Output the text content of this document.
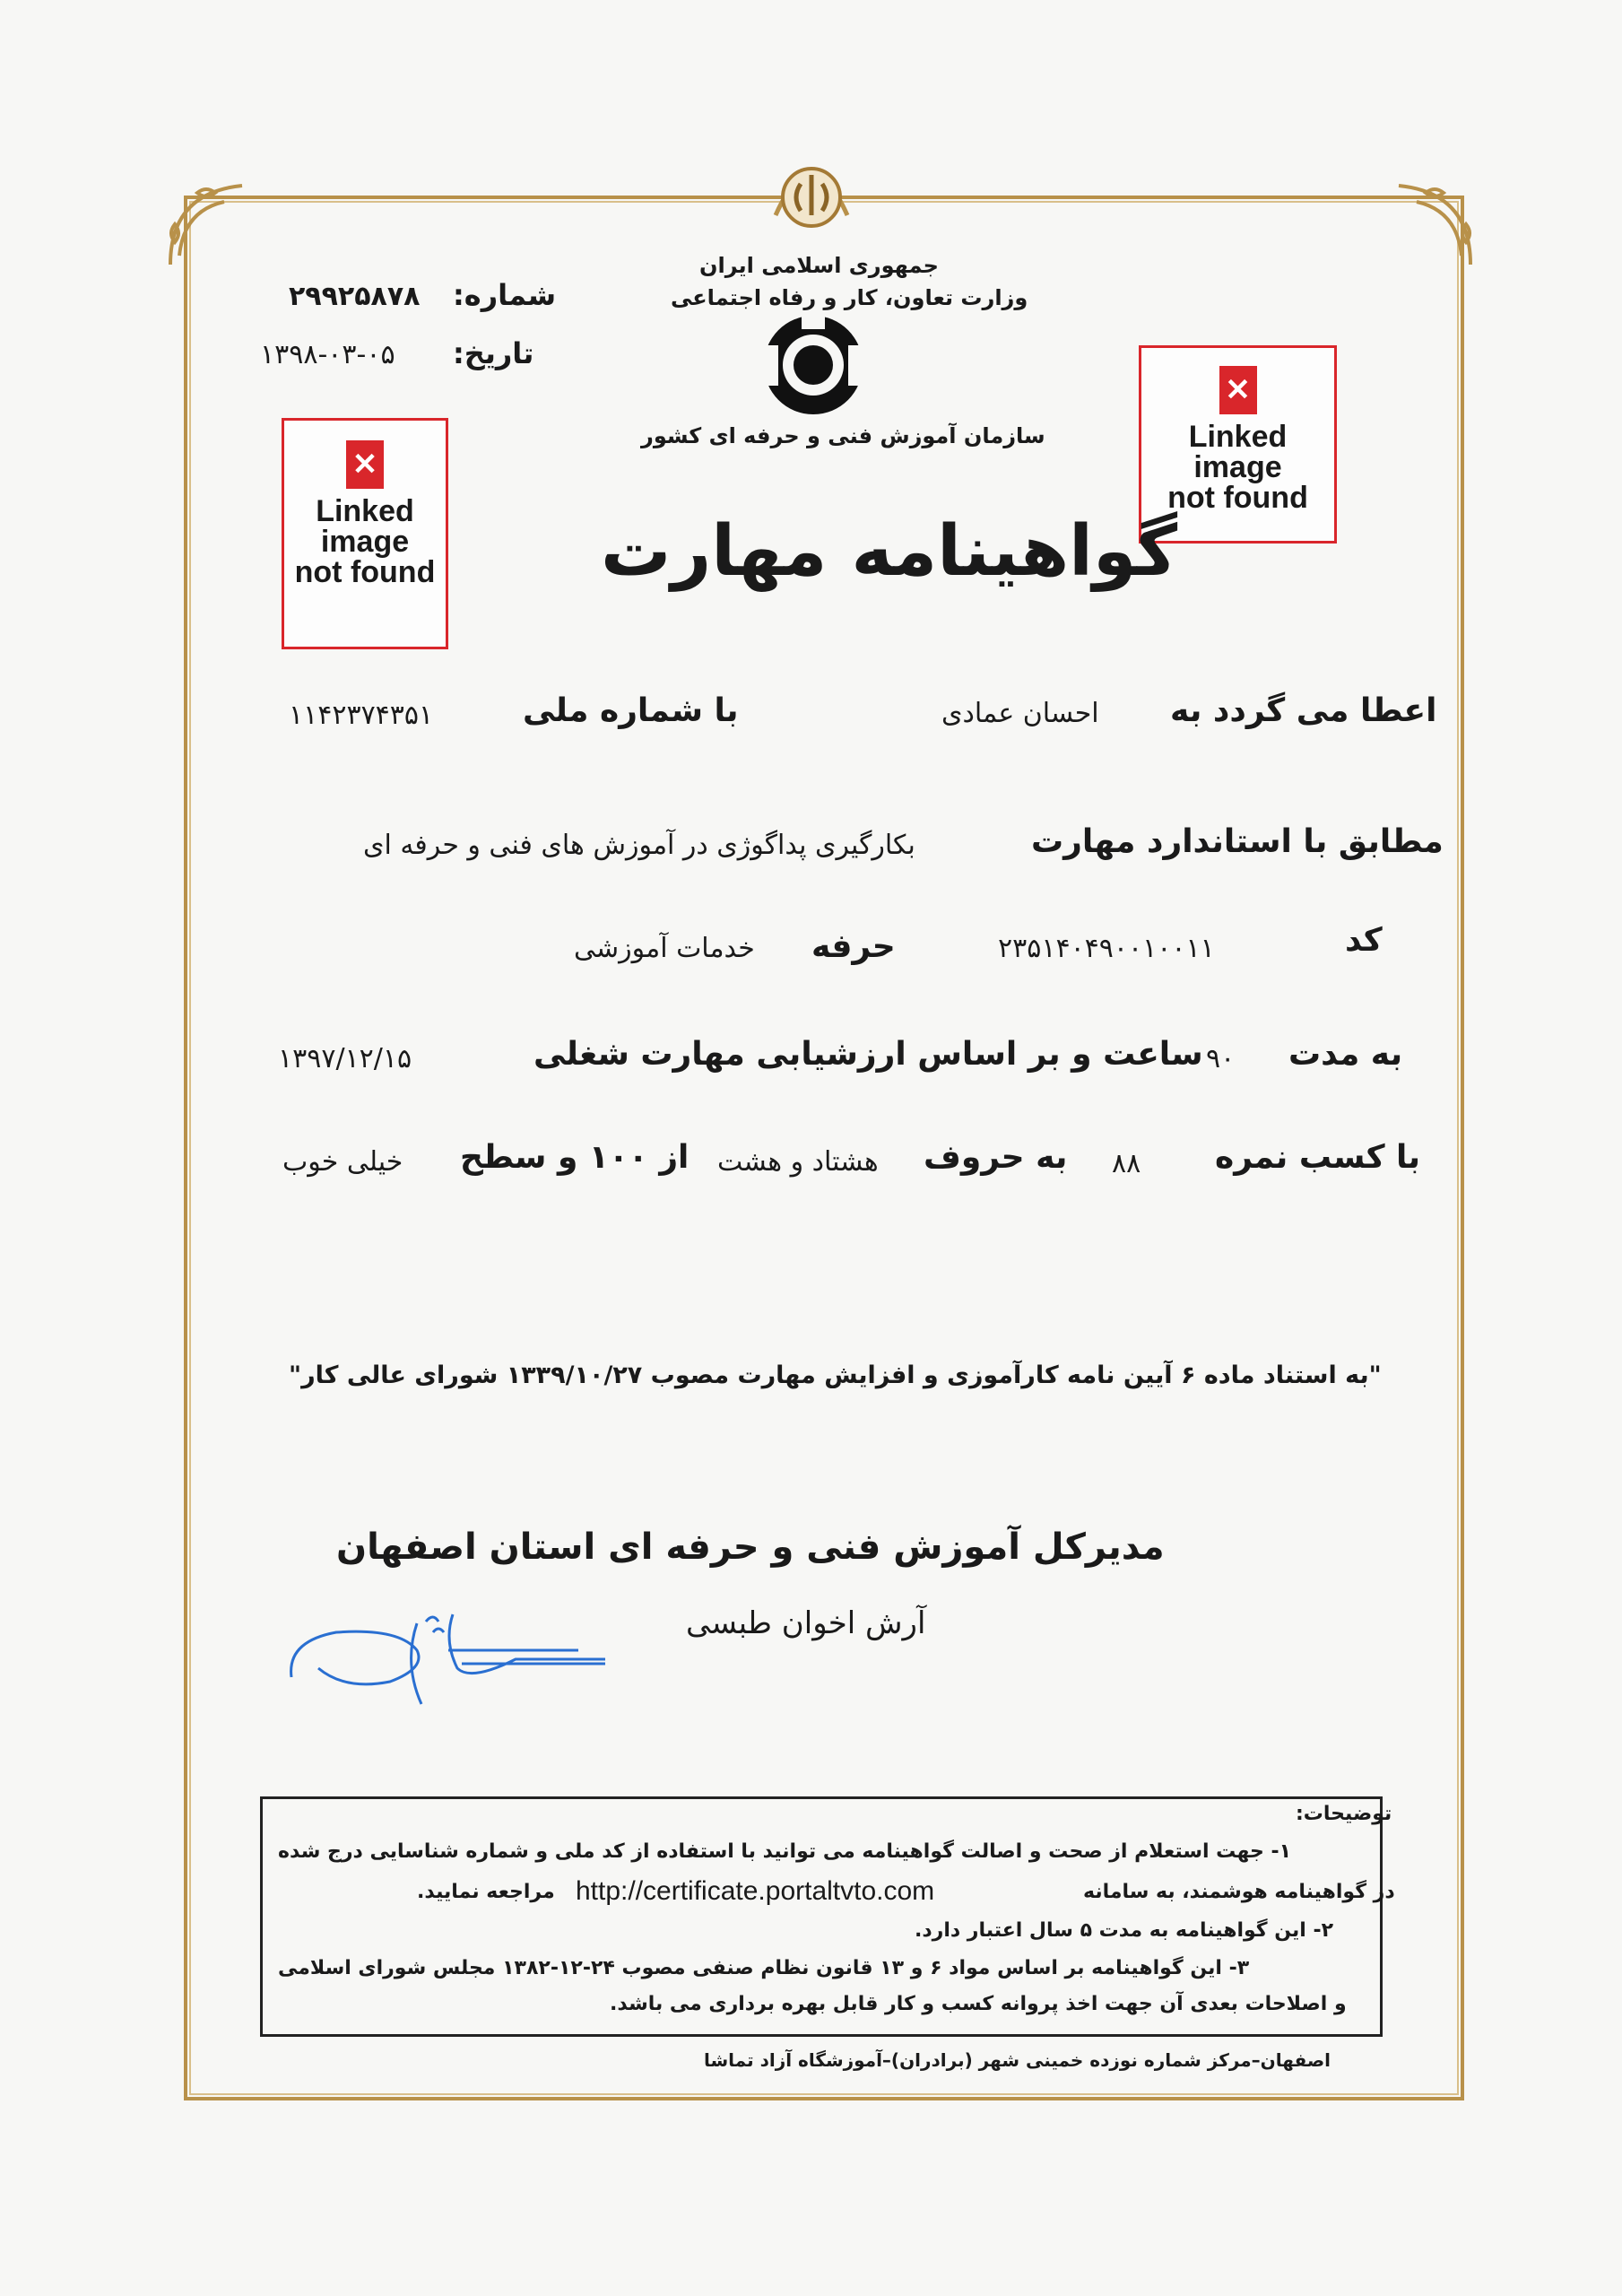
جمهوری اسلامی ایران
وزارت تعاون، کار و رفاه اجتماعی
سازمان آموزش فنی و حرفه ای کشور
شماره:
۲۹۹۲۵۸۷۸
تاریخ:
۱۳۹۸-۰۳-۰۵
✕
Linked
image
not found
✕
Linked
image
not found
گواهینامه مهارت
اعطا می گردد به
احسان عمادی
با شماره ملی
۱۱۴۲۳۷۴۳۵۱
مطابق با استاندارد مهارت
بکارگیری پداگوژی در آموزش های فنی و حرفه ای
کد
۲۳۵۱۴۰۴۹۰۰۱۰۰۱۱
حرفه
خدمات آموزشی
به مدت
۹۰
ساعت و بر اساس ارزشیابی مهارت شغلی
۱۳۹۷/۱۲/۱۵
با کسب نمره
۸۸
به حروف
هشتاد و هشت
از ۱۰۰ و سطح
خیلی خوب
"به استناد ماده ۶ آیین نامه کارآموزی و افزایش مهارت مصوب ۱۳۳۹/۱۰/۲۷ شورای عالی کار"
مدیرکل آموزش فنی و حرفه ای استان اصفهان
آرش اخوان طبسی
توضیحات:
۱- جهت استعلام از صحت و اصالت گواهینامه می توانید با استفاده از کد ملی و شماره شناسایی درج شده
در گواهینامه هوشمند، به سامانه
http://certificate.portaltvto.com
مراجعه نمایید.
۲- این گواهینامه به مدت ۵ سال اعتبار دارد.
۳- این گواهینامه بر اساس مواد ۶ و ۱۳ قانون نظام صنفی مصوب ۲۴-۱۲-۱۳۸۲ مجلس شورای اسلامی
و اصلاحات بعدی آن جهت اخذ پروانه کسب و کار قابل بهره برداری می باشد.
اصفهان–مرکز شماره نوزده خمینی شهر (برادران)–آموزشگاه آزاد تماشا
